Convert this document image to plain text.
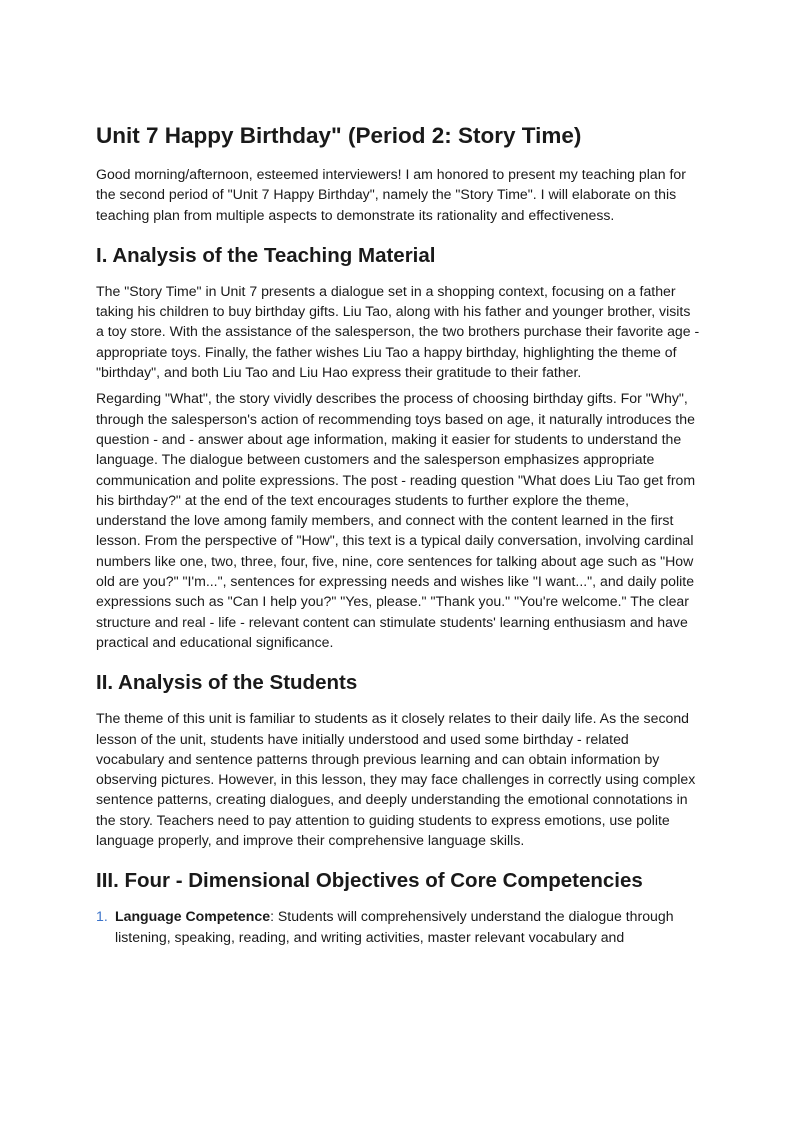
Unit 7 Happy Birthday" (Period 2: Story Time)

Good morning/afternoon, esteemed interviewers! I am honored to present my teaching plan for the second period of "Unit 7 Happy Birthday", namely the "Story Time". I will elaborate on this teaching plan from multiple aspects to demonstrate its rationality and effectiveness.

I. Analysis of the Teaching Material

The "Story Time" in Unit 7 presents a dialogue set in a shopping context, focusing on a father taking his children to buy birthday gifts. Liu Tao, along with his father and younger brother, visits a toy store. With the assistance of the salesperson, the two brothers purchase their favorite age - appropriate toys. Finally, the father wishes Liu Tao a happy birthday, highlighting the theme of "birthday", and both Liu Tao and Liu Hao express their gratitude to their father.

Regarding "What", the story vividly describes the process of choosing birthday gifts. For "Why", through the salesperson's action of recommending toys based on age, it naturally introduces the question - and - answer about age information, making it easier for students to understand the language. The dialogue between customers and the salesperson emphasizes appropriate communication and polite expressions. The post - reading question "What does Liu Tao get from his birthday?" at the end of the text encourages students to further explore the theme, understand the love among family members, and connect with the content learned in the first lesson. From the perspective of "How", this text is a typical daily conversation, involving cardinal numbers like one, two, three, four, five, nine, core sentences for talking about age such as "How old are you?" "I'm...", sentences for expressing needs and wishes like "I want...", and daily polite expressions such as "Can I help you?" "Yes, please." "Thank you." "You're welcome." The clear structure and real - life - relevant content can stimulate students' learning enthusiasm and have practical and educational significance.

II. Analysis of the Students

The theme of this unit is familiar to students as it closely relates to their daily life. As the second lesson of the unit, students have initially understood and used some birthday - related vocabulary and sentence patterns through previous learning and can obtain information by observing pictures. However, in this lesson, they may face challenges in correctly using complex sentence patterns, creating dialogues, and deeply understanding the emotional connotations in the story. Teachers need to pay attention to guiding students to express emotions, use polite language properly, and improve their comprehensive language skills.

III. Four - Dimensional Objectives of Core Competencies
1. Language Competence: Students will comprehensively understand the dialogue through listening, speaking, reading, and writing activities, master relevant vocabulary and
